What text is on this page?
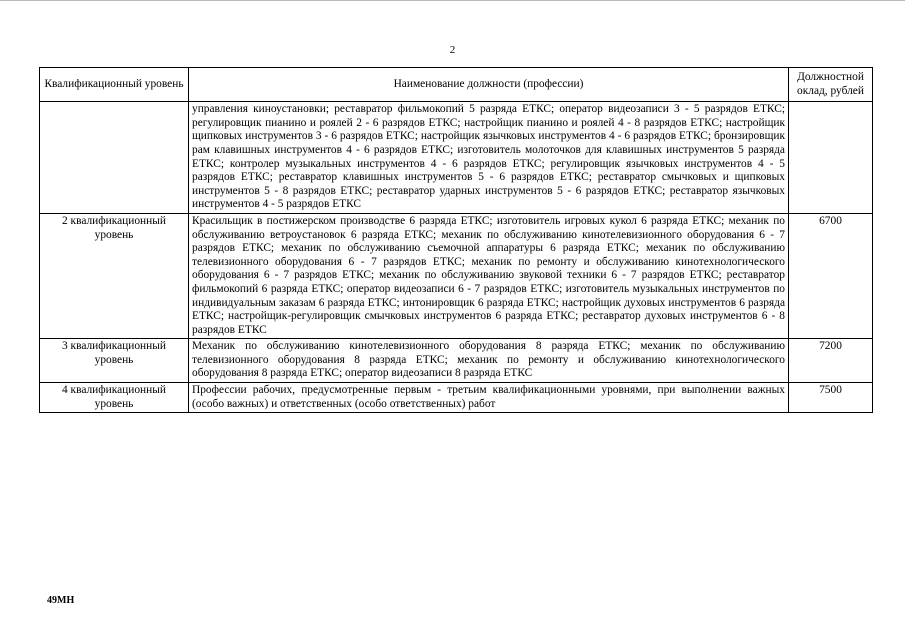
2
Квалификационный уровень	Наименование должности (профессии)	Должностной оклад, рублей
	управления киноустановки; реставратор фильмокопий 5 разряда ЕТКС; оператор видеозаписи 3 - 5 разрядов ЕТКС; регулировщик пианино и роялей 2 - 6 разрядов ЕТКС; настройщик пианино и роялей 4 - 8 разрядов ЕТКС; настройщик щипковых инструментов 3 - 6 разрядов ЕТКС; настройщик язычковых инструментов 4 - 6 разрядов ЕТКС; бронзировщик рам клавишных инструментов 4 - 6 разрядов ЕТКС; изготовитель молоточков для клавишных инструментов 5 разряда ЕТКС; контролер музыкальных инструментов 4 - 6 разрядов ЕТКС; регулировщик язычковых инструментов 4 - 5 разрядов ЕТКС; реставратор клавишных инструментов 5 - 6 разрядов ЕТКС; реставратор смычковых и щипковых инструментов 5 - 8 разрядов ЕТКС; реставратор ударных инструментов 5 - 6 разрядов ЕТКС; реставратор язычковых инструментов 4 - 5 разрядов ЕТКС	
2 квалификационный уровень	Красильщик в постижерском производстве 6 разряда ЕТКС; изготовитель игровых кукол 6 разряда ЕТКС; механик по обслуживанию ветроустановок 6 разряда ЕТКС; механик по обслуживанию кинотелевизионного оборудования 6 - 7 разрядов ЕТКС; механик по обслуживанию съемочной аппаратуры 6 разряда ЕТКС; механик по обслуживанию телевизионного оборудования 6 - 7 разрядов ЕТКС; механик по ремонту и обслуживанию кинотехнологического оборудования 6 - 7 разрядов ЕТКС; механик по обслуживанию звуковой техники 6 - 7 разрядов ЕТКС; реставратор фильмокопий 6 разряда ЕТКС; оператор видеозаписи 6 - 7 разрядов ЕТКС; изготовитель музыкальных инструментов по индивидуальным заказам 6 разряда ЕТКС; интонировщик 6 разряда ЕТКС; настройщик духовых инструментов 6 разряда ЕТКС; настройщик-регулировщик смычковых инструментов 6 разряда ЕТКС; реставратор духовых инструментов 6 - 8 разрядов ЕТКС	6700
3 квалификационный уровень	Механик по обслуживанию кинотелевизионного оборудования 8 разряда ЕТКС; механик по обслуживанию телевизионного оборудования 8 разряда ЕТКС; механик по ремонту и обслуживанию кинотехнологического оборудования 8 разряда ЕТКС; оператор видеозаписи 8 разряда ЕТКС	7200
4 квалификационный уровень	Профессии рабочих, предусмотренные первым - третьим квалификационными уровнями, при выполнении важных (особо важных) и ответственных (особо ответственных) работ	7500
49МН
